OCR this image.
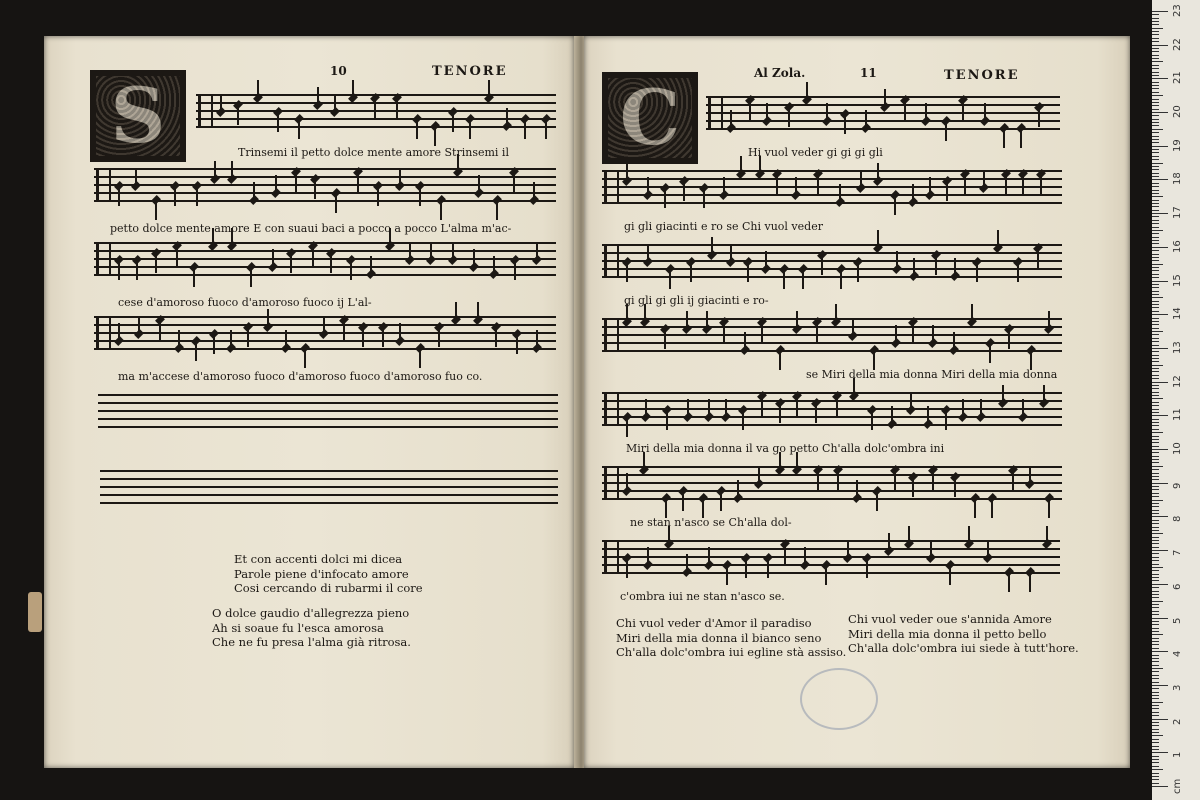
10	TENORE
S	Al Zola.	11	TENORE
C
Trinsemi il petto dolce mente amore Strinsemi il
petto dolce mente amore E con suaui baci a pocco a pocco L'alma m'ac-
cese d'amoroso fuoco d'amoroso fuoco ij L'al-
ma m'accese d'amoroso fuoco d'amoroso fuoco d'amoroso fuo co.
Et con accenti dolci mi dicea
Parole piene d'infocato amore
Cosi cercando di rubarmi il core
O dolce gaudio d'allegrezza pieno
Ah si soaue fu l'esca amorosa
Che ne fu presa l'alma già ritrosa.
Hi vuol veder gi gi gi gli
gi gli giacinti e ro se Chi vuol veder
gi gli gi gli ij giacinti e ro-
se Miri della mia donna Miri della mia donna
Miri della mia donna il va go petto Ch'alla dolc'ombra ini
ne stan n'asco se Ch'alla dol-
c'ombra iui ne stan n'asco se.
Chi vuol veder d'Amor il paradiso
Miri della mia donna il bianco seno
Ch'alla dolc'ombra iui egline stà assiso.
Chi vuol veder oue s'annida Amore
Miri della mia donna il petto bello
Ch'alla dolc'ombra iui siede à tutt'hore.
1
2
3
4
5
6
7
8
9
10
11
12
13
14
15
16
17
18
19
20
21
22
23
cm
